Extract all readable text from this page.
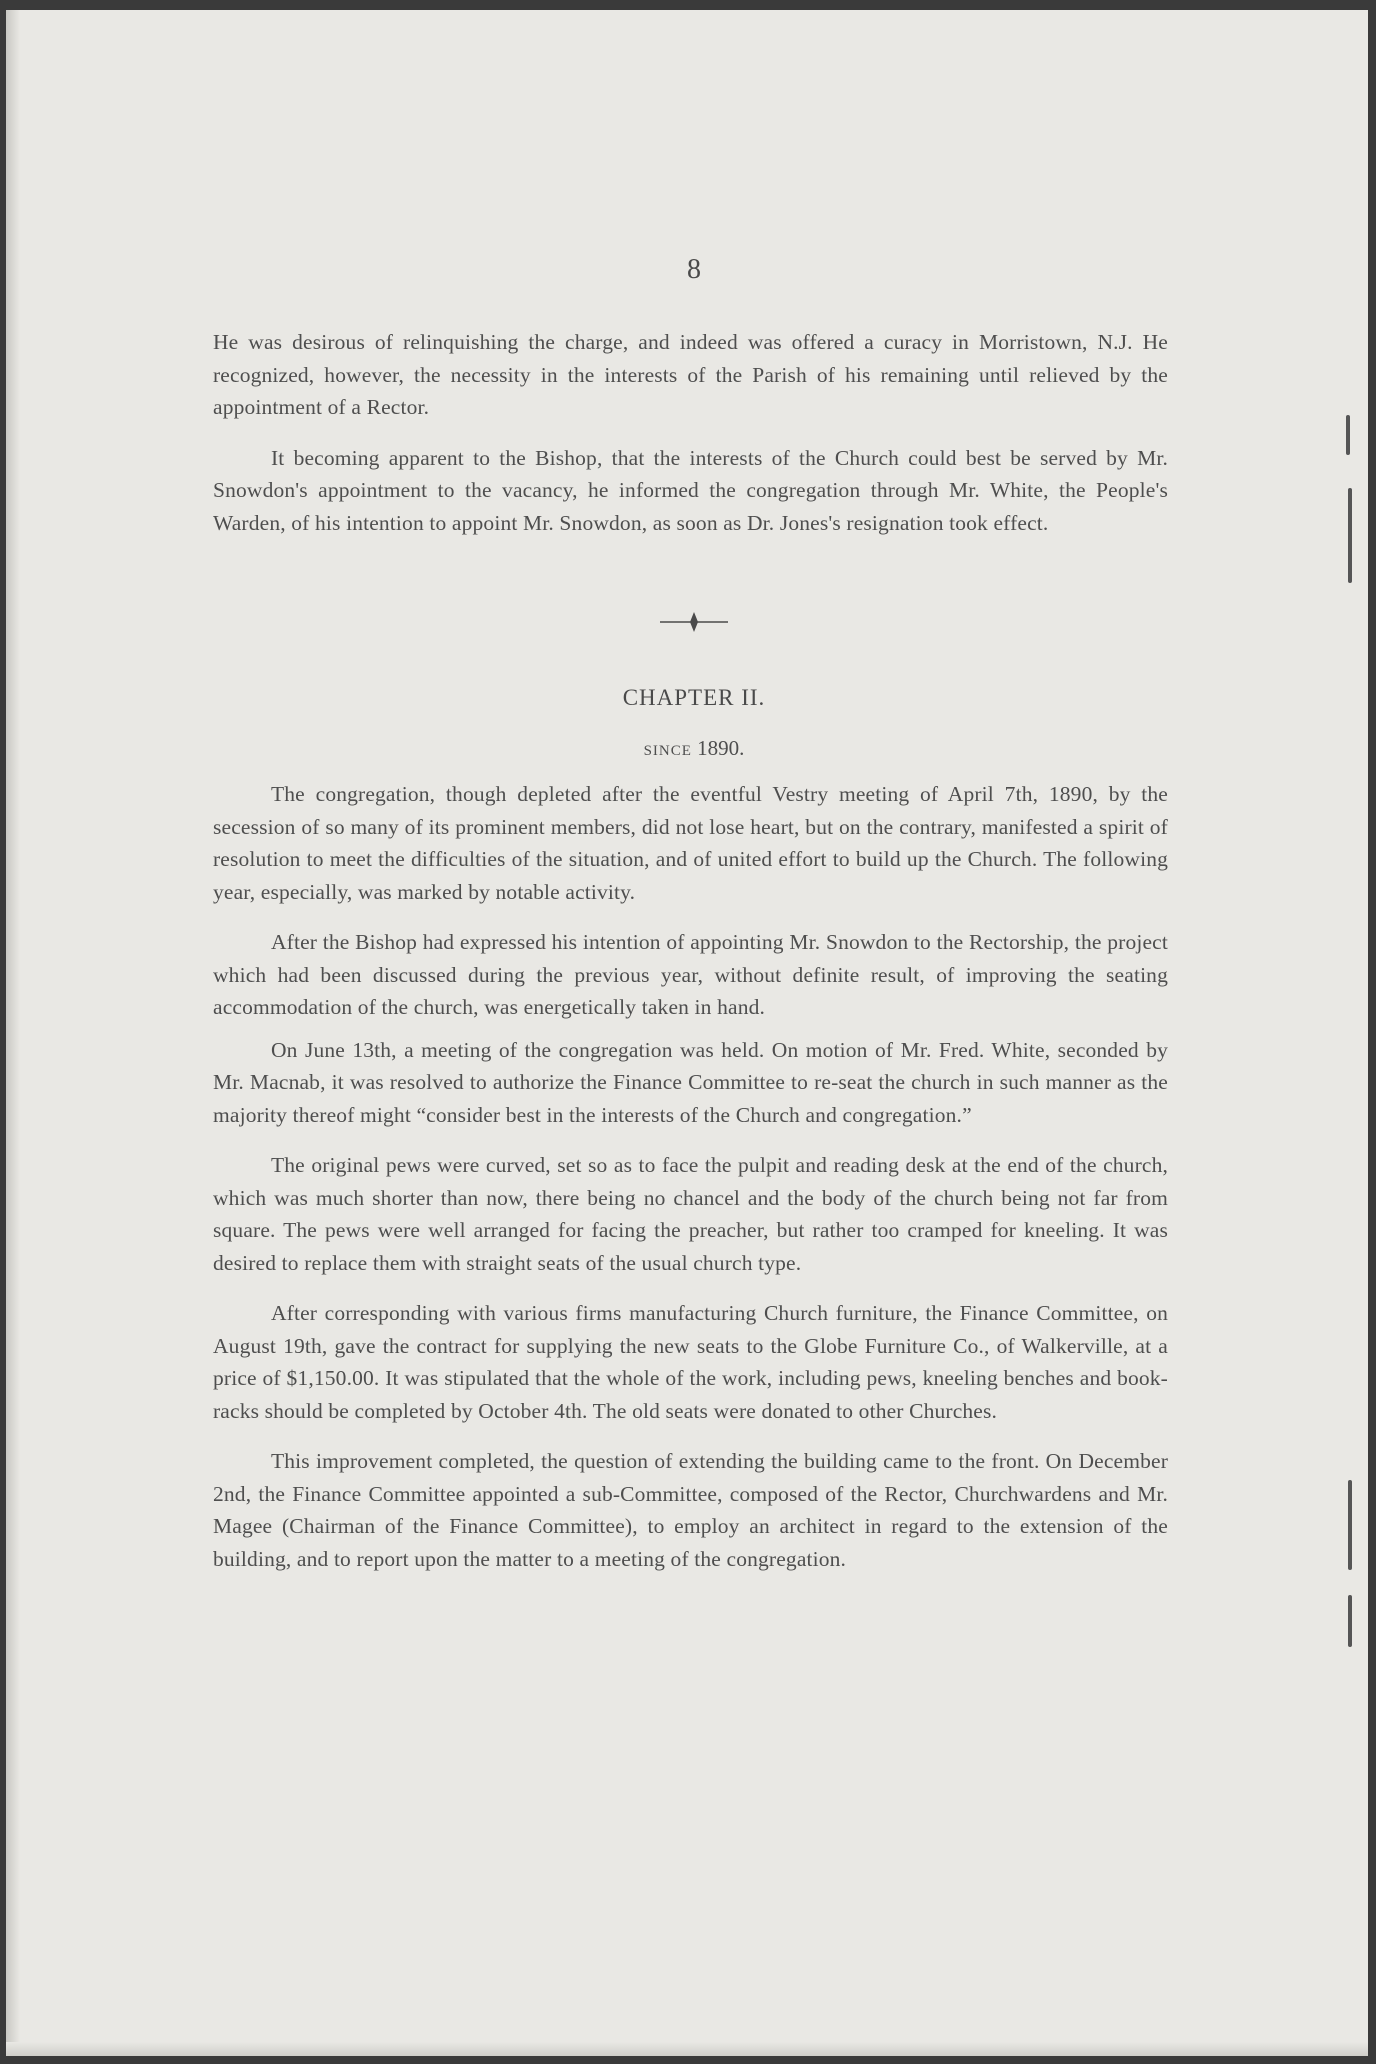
8

He was desirous of relinquishing the charge, and indeed was offered a curacy in Morristown, N.J. He recognized, however, the necessity in the interests of the Parish of his remaining until relieved by the appointment of a Rector.

It becoming apparent to the Bishop, that the interests of the Church could best be served by Mr. Snowdon's appointment to the vacancy, he informed the congregation through Mr. White, the People's Warden, of his intention to appoint Mr. Snowdon, as soon as Dr. Jones's resignation took effect.

CHAPTER II.
since 1890.

The congregation, though depleted after the eventful Vestry meeting of April 7th, 1890, by the secession of so many of its prominent members, did not lose heart, but on the contrary, manifested a spirit of resolution to meet the difficulties of the situation, and of united effort to build up the Church. The following year, especially, was marked by notable activity.

After the Bishop had expressed his intention of appointing Mr. Snowdon to the Rectorship, the project which had been discussed during the previous year, without definite result, of improving the seating accommodation of the church, was energetically taken in hand.

On June 13th, a meeting of the congregation was held. On motion of Mr. Fred. White, seconded by Mr. Macnab, it was resolved to authorize the Finance Committee to re-seat the church in such manner as the majority thereof might “consider best in the interests of the Church and congregation.”

The original pews were curved, set so as to face the pulpit and reading desk at the end of the church, which was much shorter than now, there being no chancel and the body of the church being not far from square. The pews were well arranged for facing the preacher, but rather too cramped for kneeling. It was desired to replace them with straight seats of the usual church type.

After corresponding with various firms manufacturing Church furniture, the Finance Committee, on August 19th, gave the contract for supplying the new seats to the Globe Furniture Co., of Walkerville, at a price of $1,150.00. It was stipulated that the whole of the work, including pews, kneeling benches and book-racks should be completed by October 4th. The old seats were donated to other Churches.

This improvement completed, the question of extending the building came to the front. On December 2nd, the Finance Committee appointed a sub-Committee, composed of the Rector, Churchwardens and Mr. Magee (Chairman of the Finance Committee), to employ an architect in regard to the extension of the building, and to report upon the matter to a meeting of the congregation.
